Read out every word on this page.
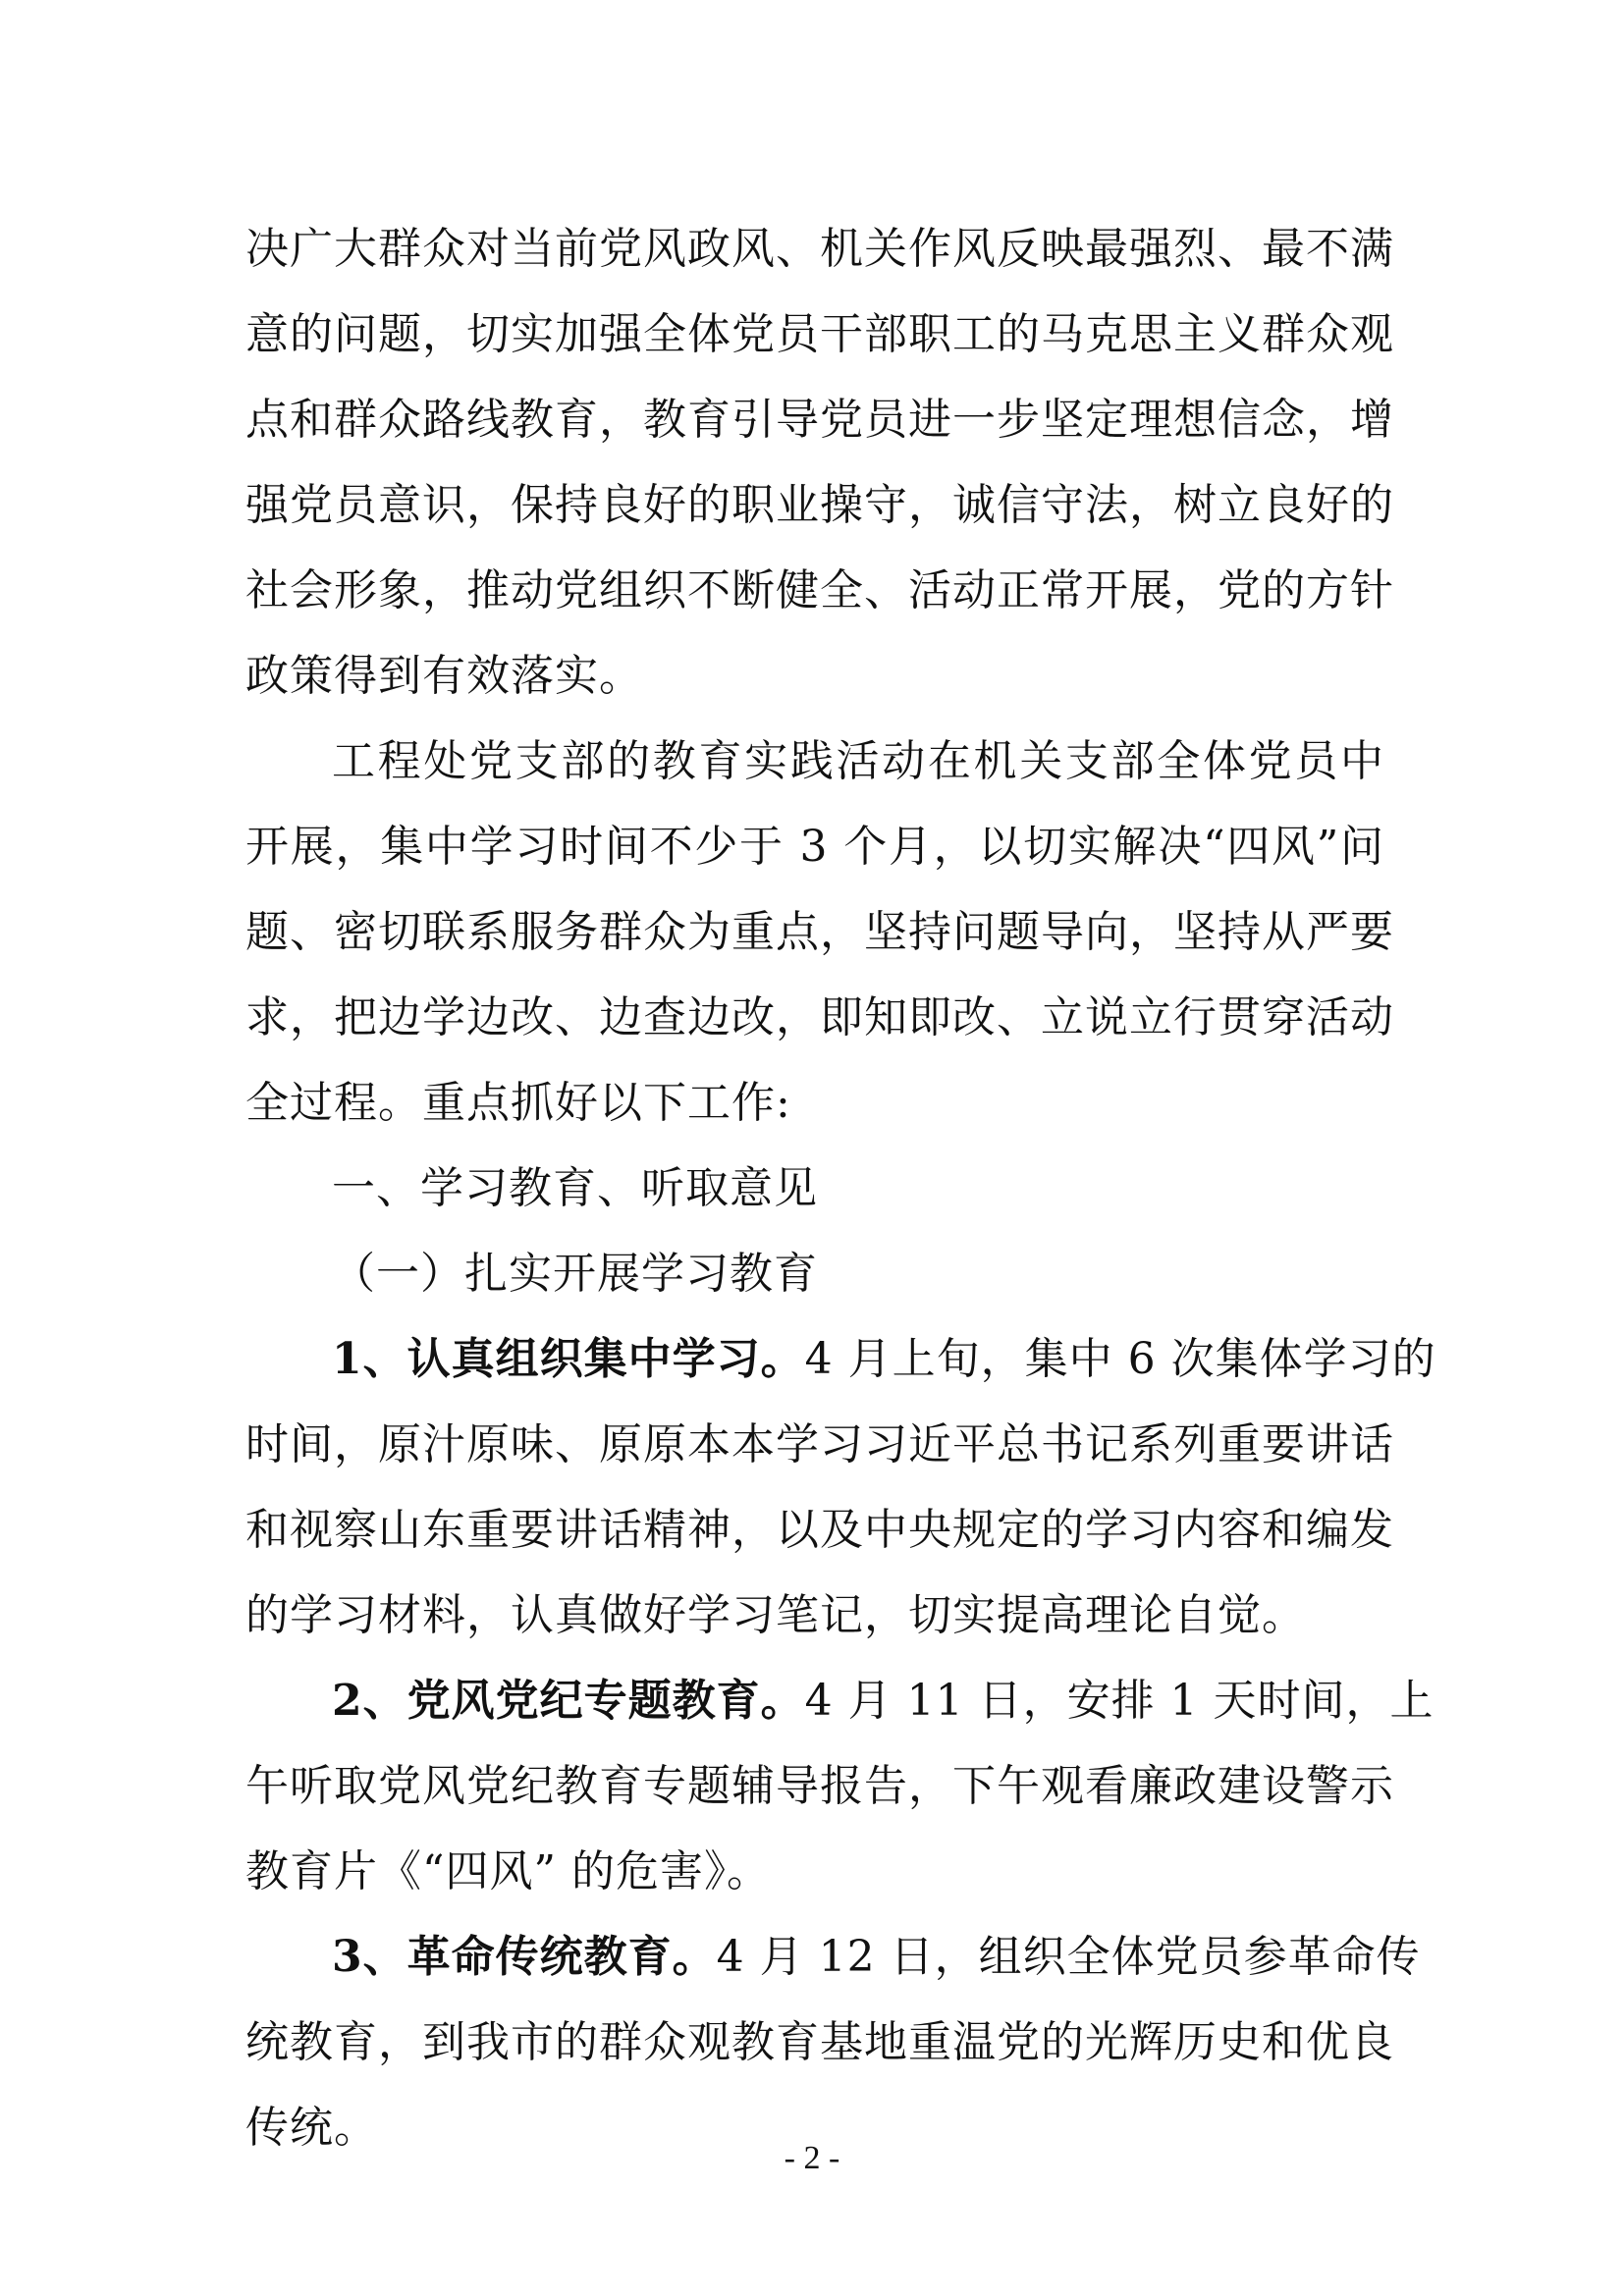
决广大群众对当前党风政风、机关作风反映最强烈、最不满
意的问题，切实加强全体党员干部职工的马克思主义群众观
点和群众路线教育，教育引导党员进一步坚定理想信念，增
强党员意识，保持良好的职业操守，诚信守法，树立良好的
社会形象，推动党组织不断健全、活动正常开展，党的方针
政策得到有效落实。
工程处党支部的教育实践活动在机关支部全体党员中
开展，集中学习时间不少于 3 个月，以切实解决“四风”问
题、密切联系服务群众为重点，坚持问题导向，坚持从严要
求，把边学边改、边查边改，即知即改、立说立行贯穿活动
全过程。重点抓好以下工作:
一、学习教育、听取意见
（一）扎实开展学习教育
1、认真组织集中学习。4 月上旬，集中 6 次集体学习的
时间，原汁原味、原原本本学习习近平总书记系列重要讲话
和视察山东重要讲话精神，以及中央规定的学习内容和编发
的学习材料，认真做好学习笔记，切实提高理论自觉。
2、党风党纪专题教育。4 月 11 日，安排 1 天时间，上
午听取党风党纪教育专题辅导报告，下午观看廉政建设警示
教育片《“四风” 的危害》。
3、革命传统教育。4 月 12 日，组织全体党员参革命传
统教育，到我市的群众观教育基地重温党的光辉历史和优良
传统。
- 2 -
